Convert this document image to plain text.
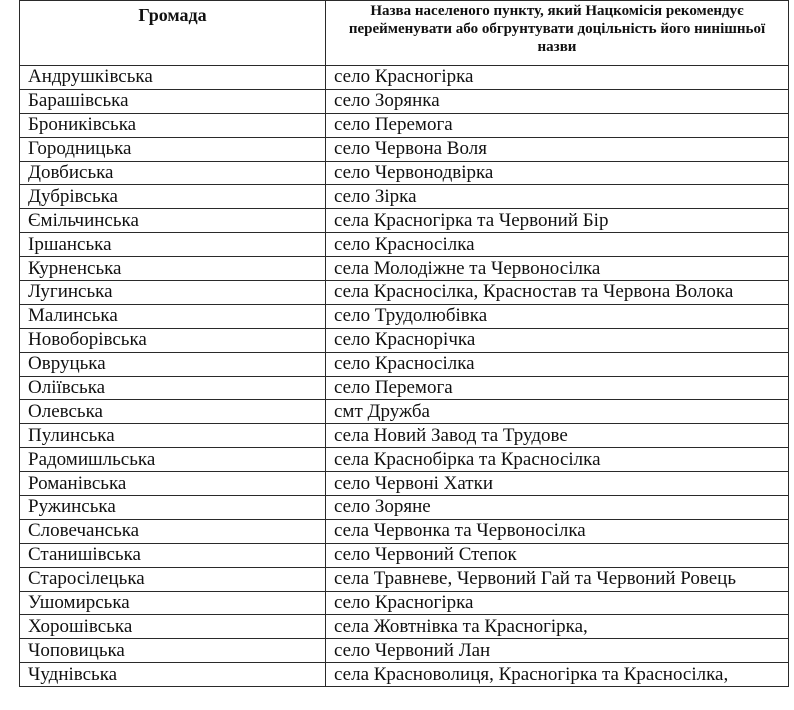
Громада	Назва населеного пункту, який Нацкомісія рекомендує перейменувати або обгрунтувати доцільність його нинішньої назви
Андрушківська	село Красногірка
Барашівська	село Зорянка
Брониківська	село Перемога
Городницька	село Червона Воля
Довбиська	село Червонодвірка
Дубрівська	село Зірка
Ємільчинська	села Красногірка та Червоний Бір
Іршанська	село Красносілка
Курненська	села Молодіжне та Червоносілка
Лугинська	села Красносілка, Красностав та Червона Волока
Малинська	село Трудолюбівка
Новоборівська	село Краснорічка
Овруцька	село Красносілка
Оліївська	село Перемога
Олевська	смт Дружба
Пулинська	села Новий Завод та Трудове
Радомишльська	села Краснобірка та Красносілка
Романівська	село Червоні Хатки
Ружинська	село Зоряне
Словечанська	села Червонка та Червоносілка
Станишівська	село Червоний Степок
Старосілецька	села Травневе, Червоний Гай та Червоний Ровець
Ушомирська	село Красногірка
Хорошівська	села Жовтнівка та Красногірка,
Чоповицька	село Червоний Лан
Чуднівська	села Красноволиця, Красногірка та Красносілка,
